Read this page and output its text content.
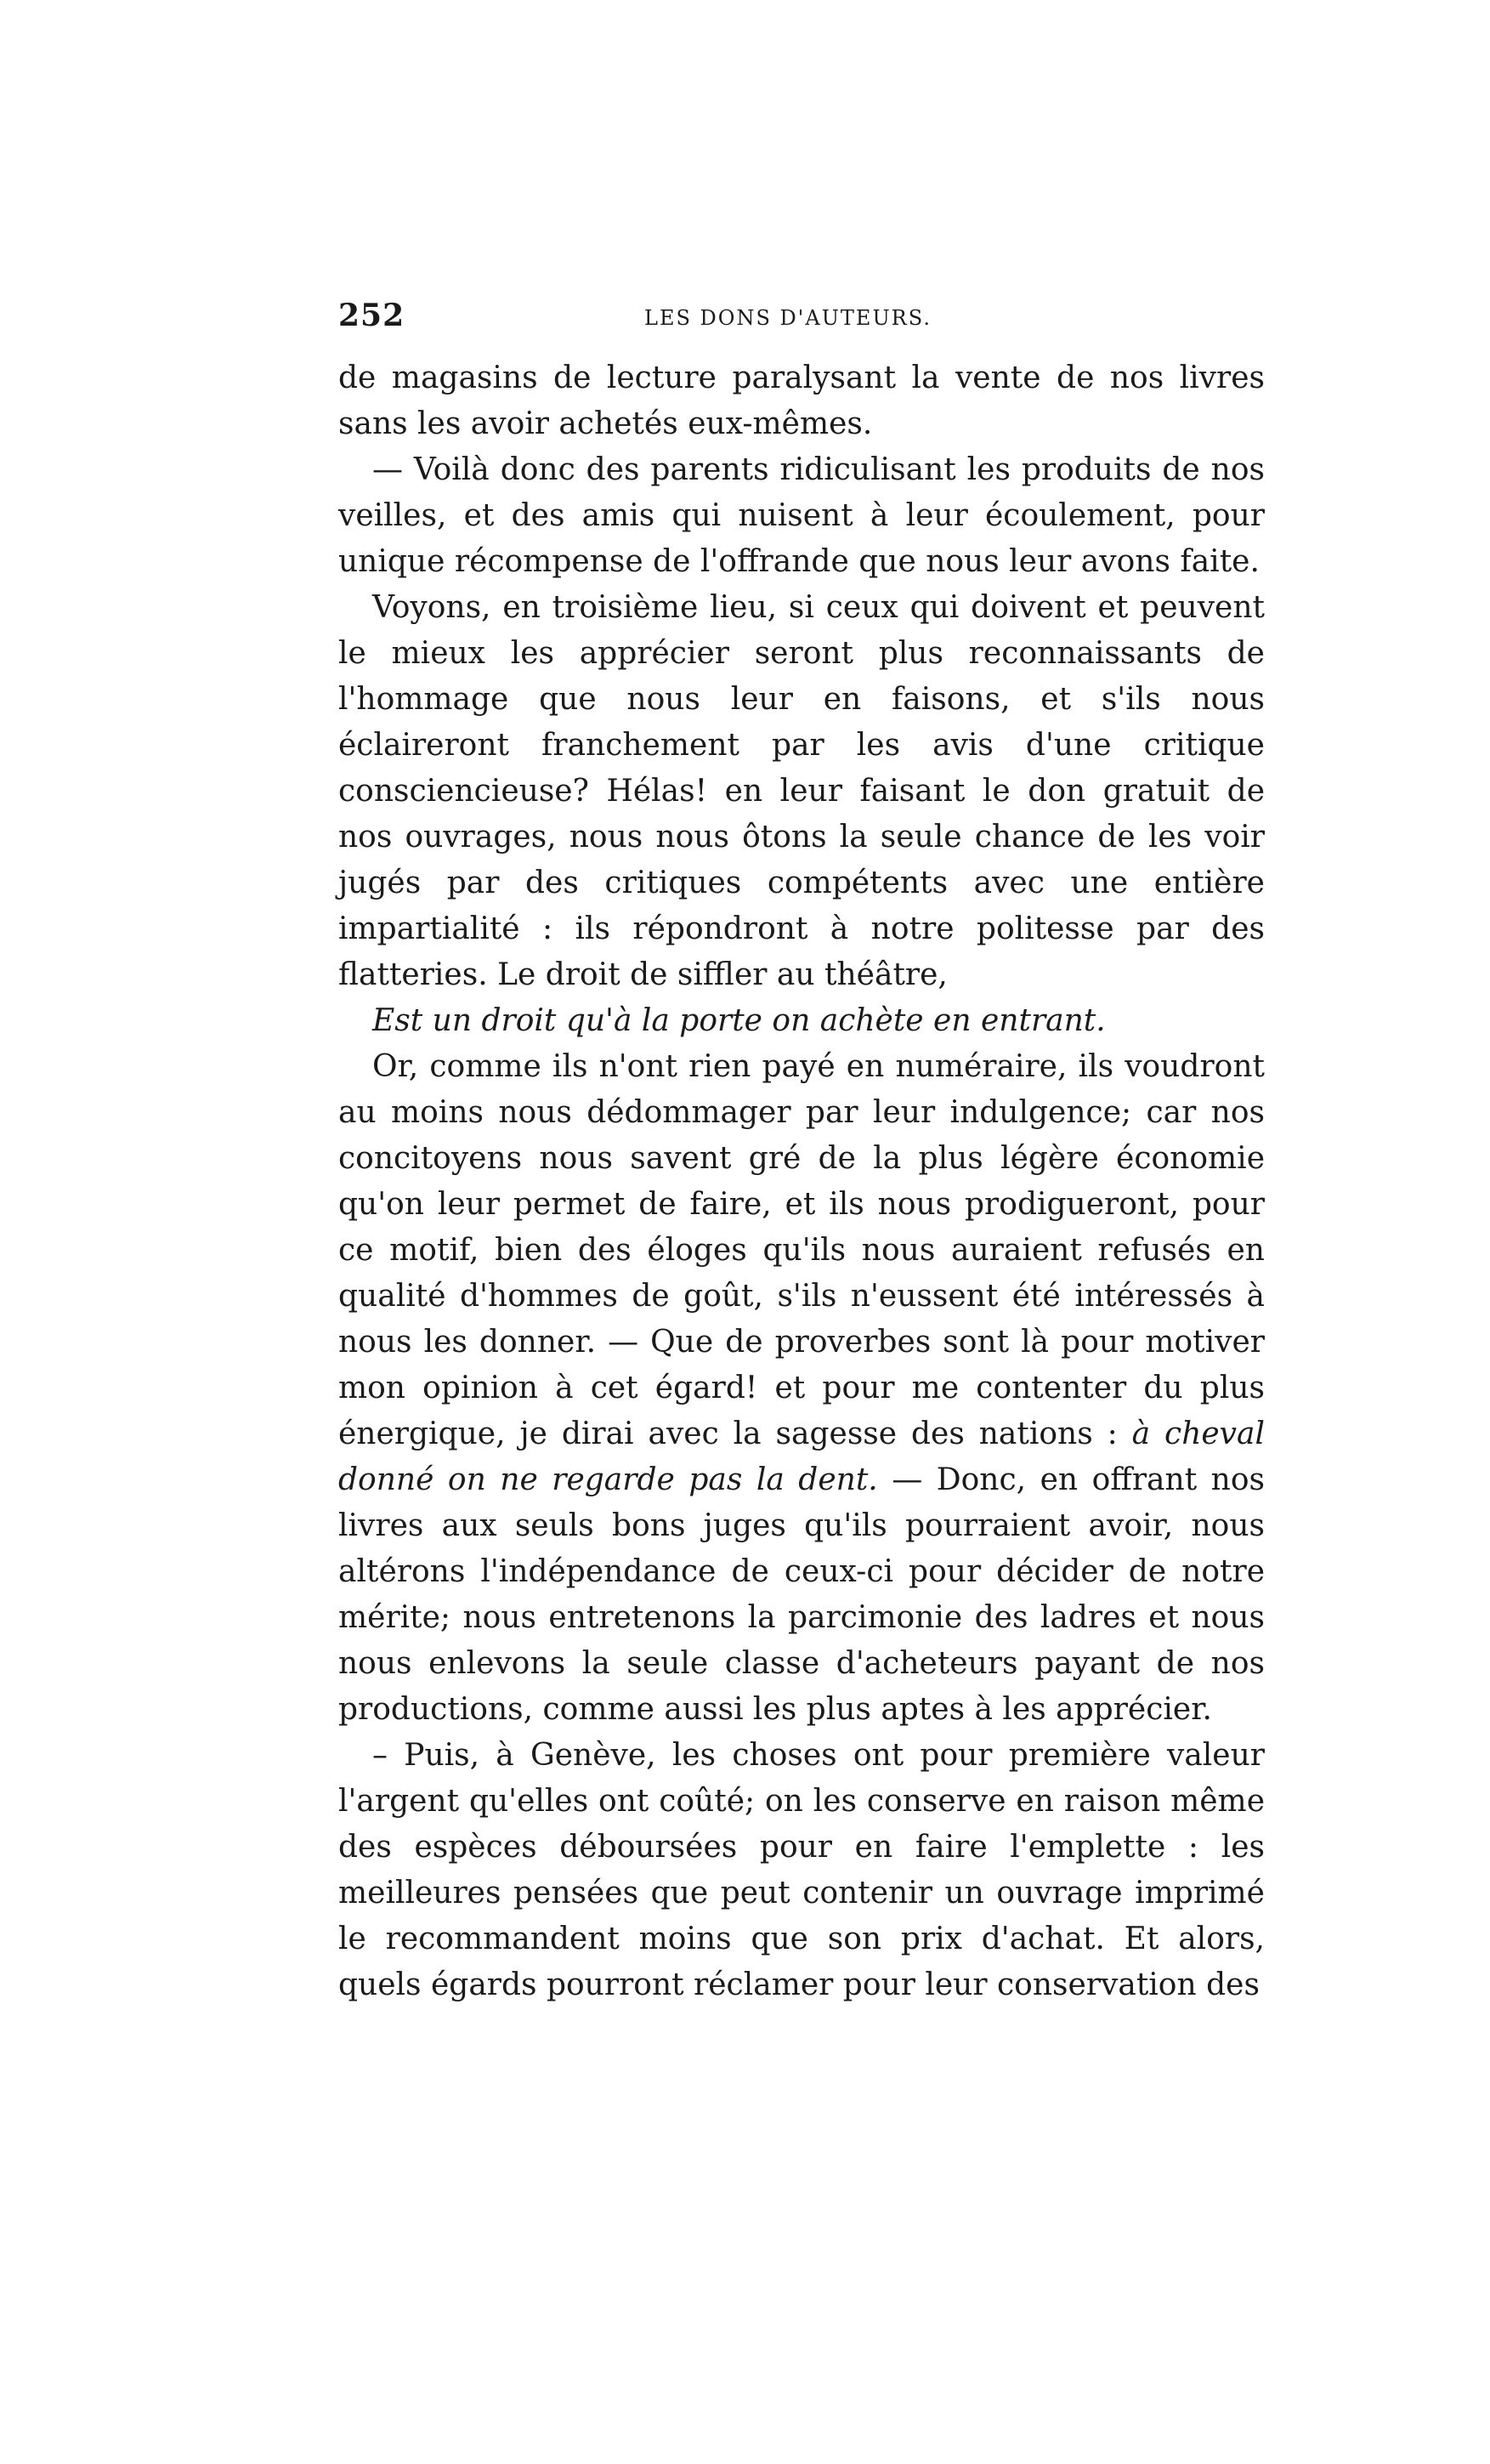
252	LES DONS D'AUTEURS.

de magasins de lecture paralysant la vente de nos livres sans les avoir achetés eux-mêmes.

— Voilà donc des parents ridiculisant les produits de nos veilles, et des amis qui nuisent à leur écoulement, pour unique récompense de l'offrande que nous leur avons faite.

Voyons, en troisième lieu, si ceux qui doivent et peuvent le mieux les apprécier seront plus reconnaissants de l'hommage que nous leur en faisons, et s'ils nous éclaireront franchement par les avis d'une critique consciencieuse? Hélas! en leur faisant le don gratuit de nos ouvrages, nous nous ôtons la seule chance de les voir jugés par des critiques compétents avec une entière impartialité : ils répondront à notre politesse par des flatteries. Le droit de siffler au théâtre,

Est un droit qu'à la porte on achète en entrant.

Or, comme ils n'ont rien payé en numéraire, ils voudront au moins nous dédommager par leur indulgence; car nos concitoyens nous savent gré de la plus légère économie qu'on leur permet de faire, et ils nous prodigueront, pour ce motif, bien des éloges qu'ils nous auraient refusés en qualité d'hommes de goût, s'ils n'eussent été intéressés à nous les donner. — Que de proverbes sont là pour motiver mon opinion à cet égard! et pour me contenter du plus énergique, je dirai avec la sagesse des nations : à cheval donné on ne regarde pas la dent. — Donc, en offrant nos livres aux seuls bons juges qu'ils pourraient avoir, nous altérons l'indépendance de ceux-ci pour décider de notre mérite; nous entretenons la parcimonie des ladres et nous nous enlevons la seule classe d'acheteurs payant de nos productions, comme aussi les plus aptes à les apprécier.

– Puis, à Genève, les choses ont pour première valeur l'argent qu'elles ont coûté; on les conserve en raison même des espèces déboursées pour en faire l'emplette : les meilleures pensées que peut contenir un ouvrage imprimé le recommandent moins que son prix d'achat. Et alors, quels égards pourront réclamer pour leur conservation des
